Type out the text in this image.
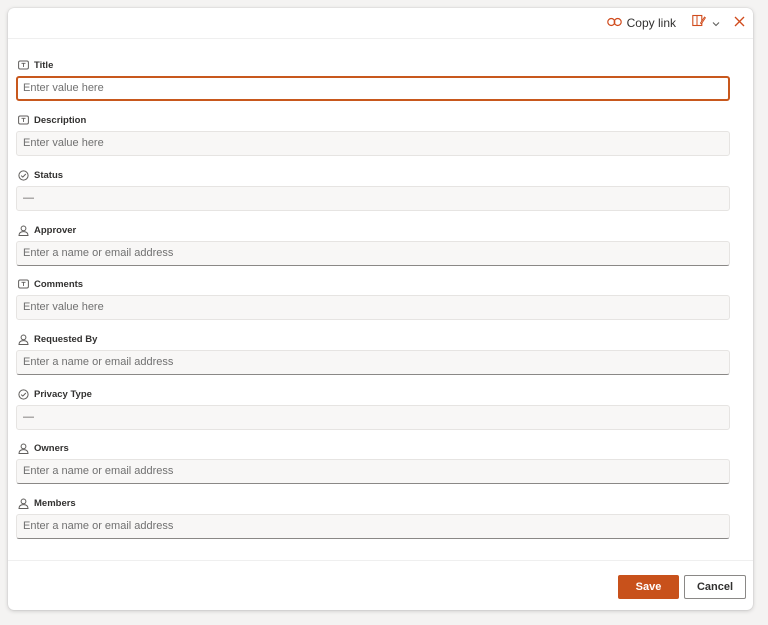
Copy link
Title
Enter value here
Description
Enter value here
Status
—
Approver
Enter a name or email address
Comments
Enter value here
Requested By
Enter a name or email address
Privacy Type
—
Owners
Enter a name or email address
Members
Enter a name or email address
Save	Cancel
